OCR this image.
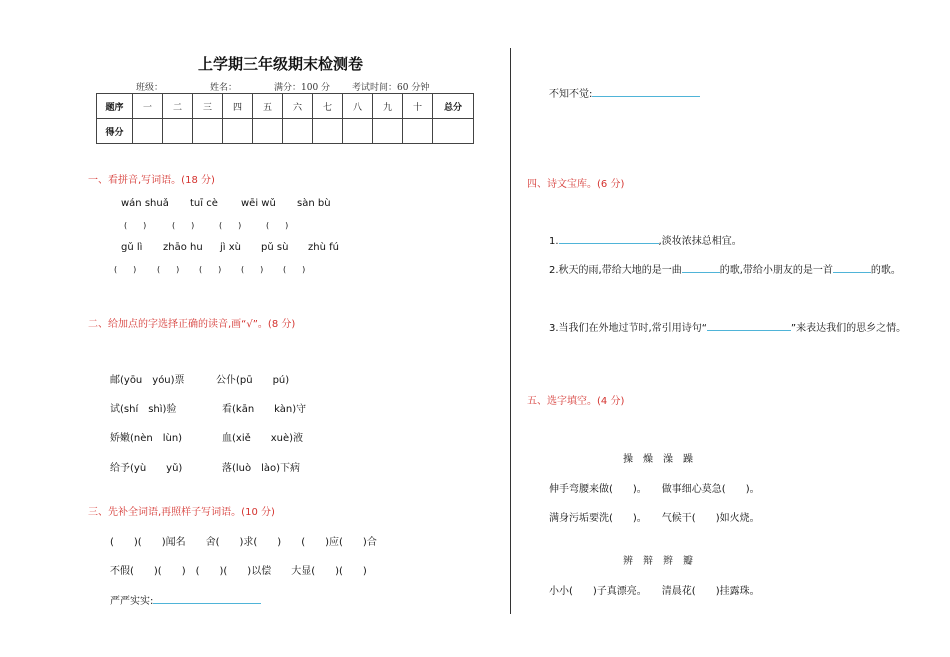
上学期三年级期末检测卷
班级：	姓名：	满分：100 分 考试时间：60 分钟
题序	一	二	三	四	五	六	七	八	九	十	总分
得分											
一、看拼音,写词语。(18 分)
wán shuǎ tuī cè wēi wǔ sàn bù
(　　)	(　　)	(　　)	(　　)
gǔ lì zhāo hu jì xù pǔ sù zhù fú
(　　)	(　　) (　　) (　　) (　　)
二、给加点的字选择正确的读音,画“√”。(8 分)
邮(yōu　yóu)票	公仆(pū　　pú)
试(shí　shì)验	看(kān　　kàn)守
娇嫩(nèn　lùn)	血(xiě　　xuè)液
给予(yù　　yǔ)	落(luò　lào)下病
三、先补全词语,再照样子写词语。(10 分)
(　　)(　　)闻名　　舍(　　)求(　　)　　(　　)应(　　)合
不假(　　)(　　)　(　　)(　　)以偿　　大显(　　)(　　)
严严实实:
不知不觉:
四、诗文宝库。(6 分)
1.	,淡妆浓抹总相宜。
2.秋天的雨,带给大地的是一曲	的歌,带给小朋友的是一首	的歌。
3.当我们在外地过节时,常引用诗句“	”来表达我们的思乡之情。
五、选字填空。(4 分)
操　燥　澡　躁
伸手弯腰来做(　　)。　　做事细心莫急(　　)。
满身污垢要洗(　　)。　　气候干(　　)如火烧。
辨　辩　辫　瓣
小小(　　)子真漂亮。　　清晨花(　　)挂露珠。
